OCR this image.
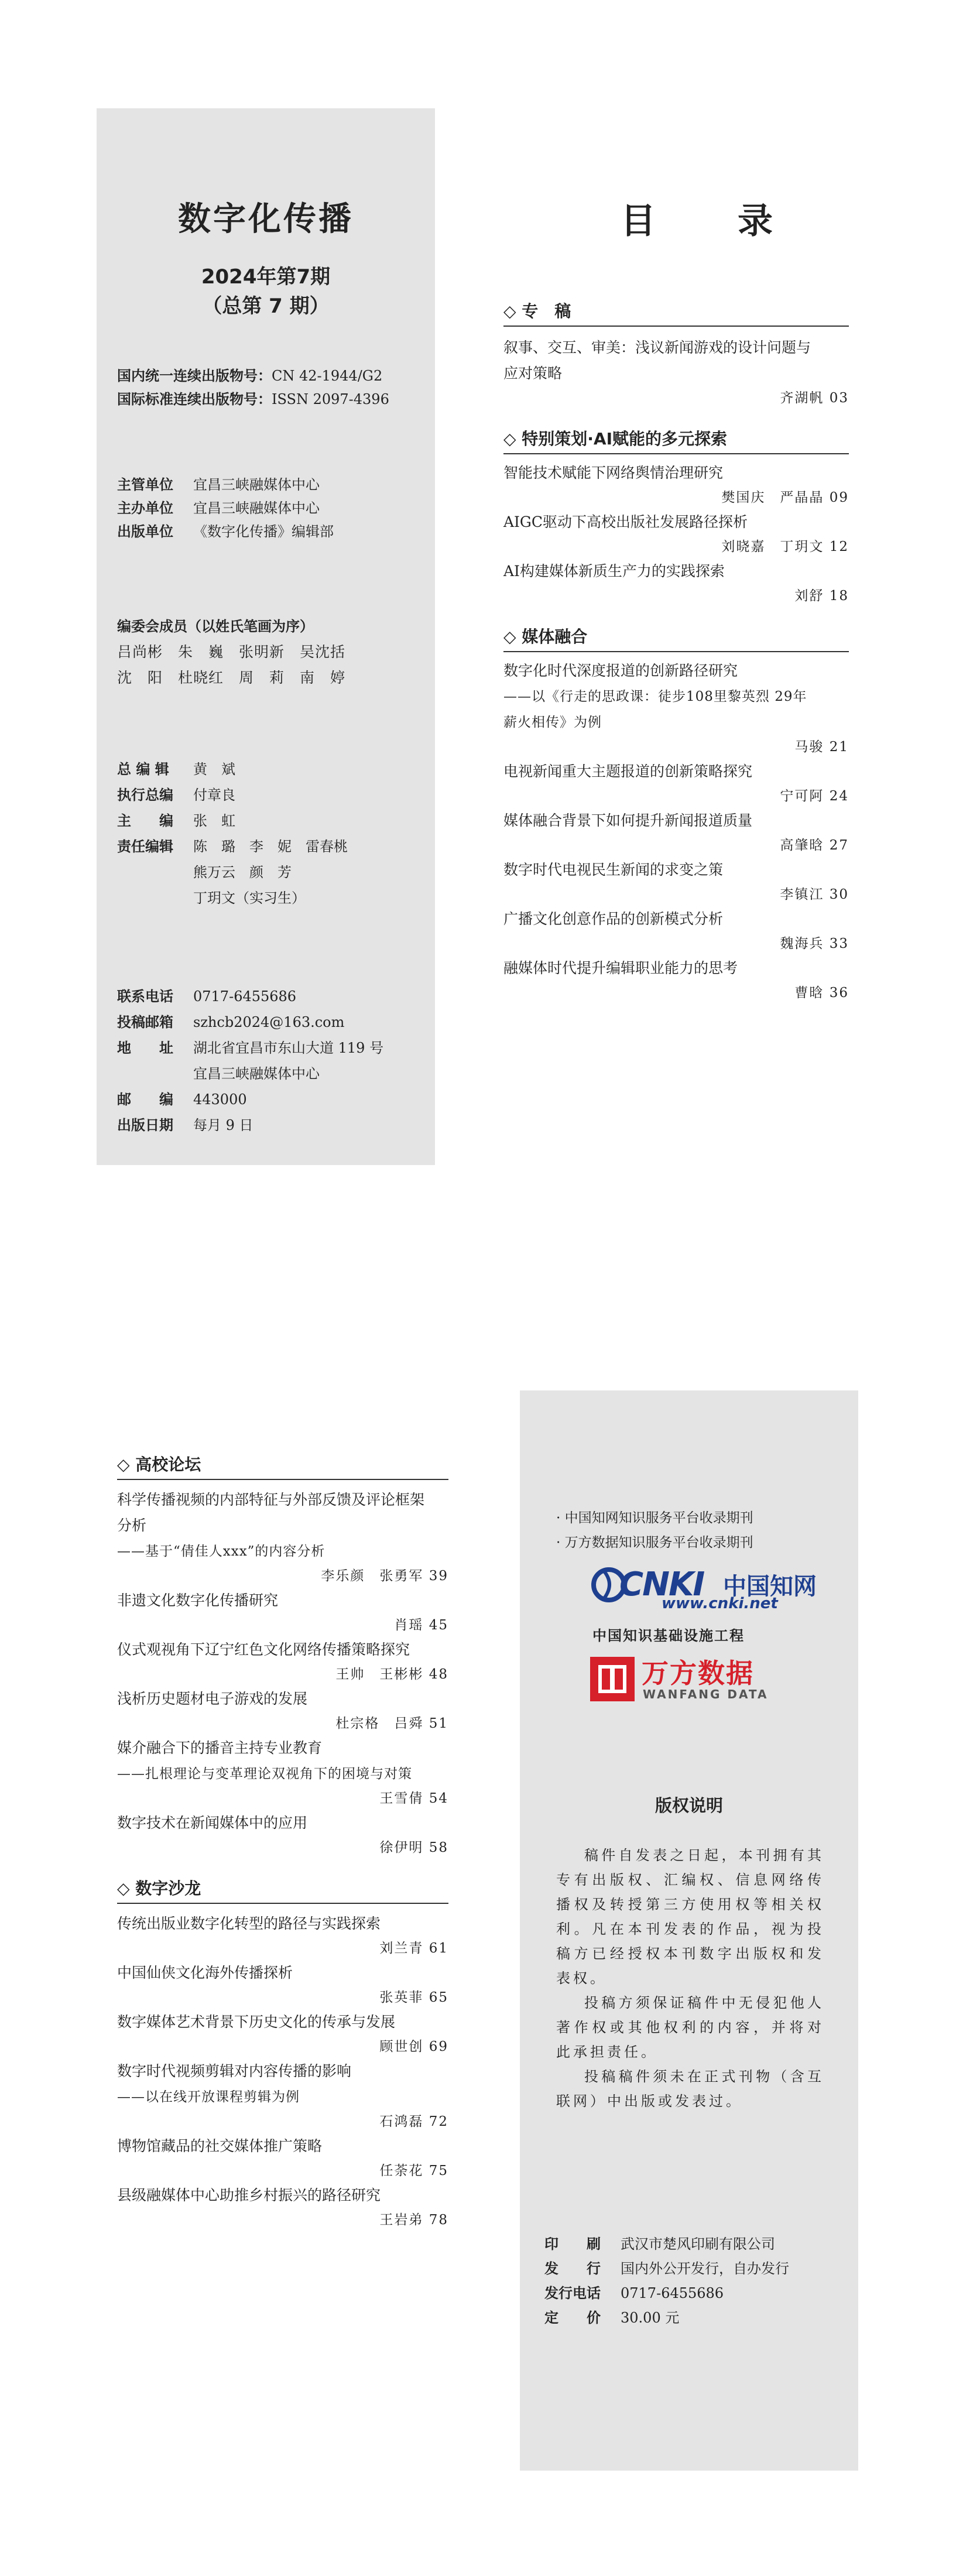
数字化传播
2024年第7期
（总第 7 期）
国内统一连续出版物号：CN 42-1944/G2
国际标准连续出版物号：ISSN 2097-4396
主管单位 宜昌三峡融媒体中心
主办单位 宜昌三峡融媒体中心
出版单位 《数字化传播》编辑部
编委会成员（以姓氏笔画为序）
吕尚彬　朱　巍　张明新　吴沈括
沈　阳　杜晓红　周　莉　南　婷
总 编 辑 黄　斌
执行总编 付章良
主　　编 张　虹
责任编辑 陈　璐　李　妮　雷春桃
熊万云　颜　芳
丁玥文（实习生）
联系电话 0717-6455686
投稿邮箱 szhcb2024@163.com
地　　址 湖北省宜昌市东山大道 119 号
宜昌三峡融媒体中心
邮　　编 443000
出版日期 每月 9 日
目　录
◇ 专　稿
叙事、交互、审美：浅议新闻游戏的设计问题与
应对策略
齐湖帆 03
◇ 特别策划·AI赋能的多元探索
智能技术赋能下网络舆情治理研究
樊国庆　严晶晶 09
AIGC驱动下高校出版社发展路径探析
刘晓嘉　丁玥文 12
AI构建媒体新质生产力的实践探索
刘舒 18
◇ 媒体融合
数字化时代深度报道的创新路径研究
——以《行走的思政课：徒步108里黎英烈 29年
薪火相传》为例
马骏 21
电视新闻重大主题报道的创新策略探究
宁可阿 24
媒体融合背景下如何提升新闻报道质量
高肇晗 27
数字时代电视民生新闻的求变之策
李镇江 30
广播文化创意作品的创新模式分析
魏海兵 33
融媒体时代提升编辑职业能力的思考
曹晗 36
◇ 高校论坛
科学传播视频的内部特征与外部反馈及评论框架
分析
——基于“倩佳人xxx”的内容分析
李乐颜　张勇军 39
非遗文化数字化传播研究
肖瑶 45
仪式观视角下辽宁红色文化网络传播策略探究
王帅　王彬彬 48
浅析历史题材电子游戏的发展
杜宗格　吕舜 51
媒介融合下的播音主持专业教育
——扎根理论与变革理论双视角下的困境与对策
王雪倩 54
数字技术在新闻媒体中的应用
徐伊明 58
◇ 数字沙龙
传统出版业数字化转型的路径与实践探索
刘兰青 61
中国仙侠文化海外传播探析
张英菲 65
数字媒体艺术背景下历史文化的传承与发展
顾世创 69
数字时代视频剪辑对内容传播的影响
——以在线开放课程剪辑为例
石鸿磊 72
博物馆藏品的社交媒体推广策略
任荼花 75
县级融媒体中心助推乡村振兴的路径研究
王岩弟 78
· 中国知网知识服务平台收录期刊
· 万方数据知识服务平台收录期刊
CNKI 中国知网
www.cnki.net
中国知识基础设施工程
万方数据
WANFANG DATA
版权说明
稿件自发表之日起，本刊拥有其专有出版权、汇编权、信息网络传播权及转授第三方使用权等相关权利。凡在本刊发表的作品，视为投稿方已经授权本刊数字出版权和发表权。
投稿方须保证稿件中无侵犯他人著作权或其他权利的内容，并将对此承担责任。
投稿稿件须未在正式刊物（含互联网）中出版或发表过。
印　　刷 武汉市楚风印刷有限公司
发　　行 国内外公开发行，自办发行
发行电话 0717-6455686
定　　价 30.00 元
